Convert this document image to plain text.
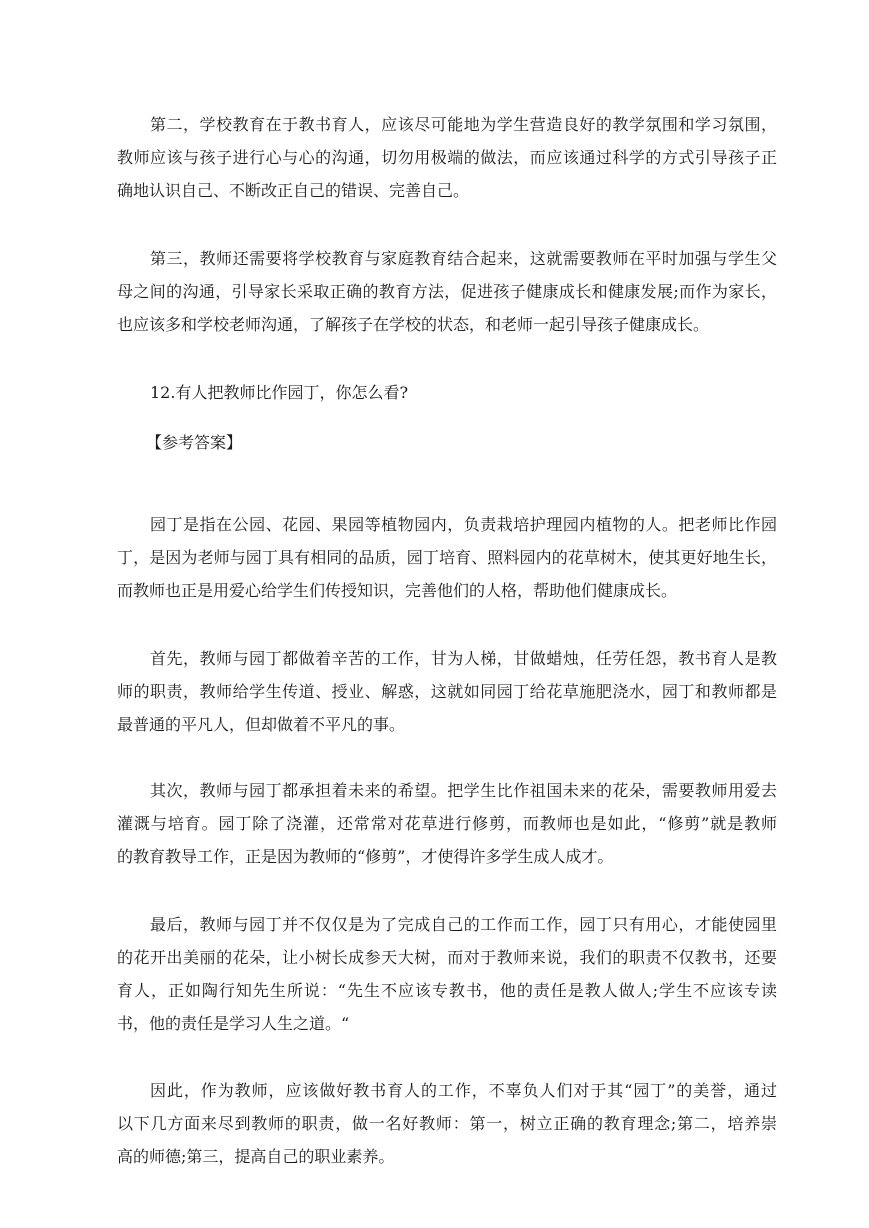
第二，学校教育在于教书育人，应该尽可能地为学生营造良好的教学氛围和学习氛围，
教师应该与孩子进行心与心的沟通，切勿用极端的做法，而应该通过科学的方式引导孩子正
确地认识自己、不断改正自己的错误、完善自己。
第三，教师还需要将学校教育与家庭教育结合起来，这就需要教师在平时加强与学生父
母之间的沟通，引导家长采取正确的教育方法，促进孩子健康成长和健康发展;而作为家长，
也应该多和学校老师沟通，了解孩子在学校的状态，和老师一起引导孩子健康成长。
12.有人把教师比作园丁，你怎么看?
【参考答案】
园丁是指在公园、花园、果园等植物园内，负责栽培护理园内植物的人。把老师比作园
丁，是因为老师与园丁具有相同的品质，园丁培育、照料园内的花草树木，使其更好地生长，
而教师也正是用爱心给学生们传授知识，完善他们的人格，帮助他们健康成长。
首先，教师与园丁都做着辛苦的工作，甘为人梯，甘做蜡烛，任劳任怨，教书育人是教
师的职责，教师给学生传道、授业、解惑，这就如同园丁给花草施肥浇水，园丁和教师都是
最普通的平凡人，但却做着不平凡的事。
其次，教师与园丁都承担着未来的希望。把学生比作祖国未来的花朵，需要教师用爱去
灌溉与培育。园丁除了浇灌，还常常对花草进行修剪，而教师也是如此，“修剪”就是教师
的教育教导工作，正是因为教师的“修剪”，才使得许多学生成人成才。
最后，教师与园丁并不仅仅是为了完成自己的工作而工作，园丁只有用心，才能使园里
的花开出美丽的花朵，让小树长成参天大树，而对于教师来说，我们的职责不仅教书，还要
育人，正如陶行知先生所说：“先生不应该专教书，他的责任是教人做人;学生不应该专读
书，他的责任是学习人生之道。“
因此，作为教师，应该做好教书育人的工作，不辜负人们对于其“园丁”的美誉，通过
以下几方面来尽到教师的职责，做一名好教师：第一，树立正确的教育理念;第二，培养崇
高的师德;第三，提高自己的职业素养。
